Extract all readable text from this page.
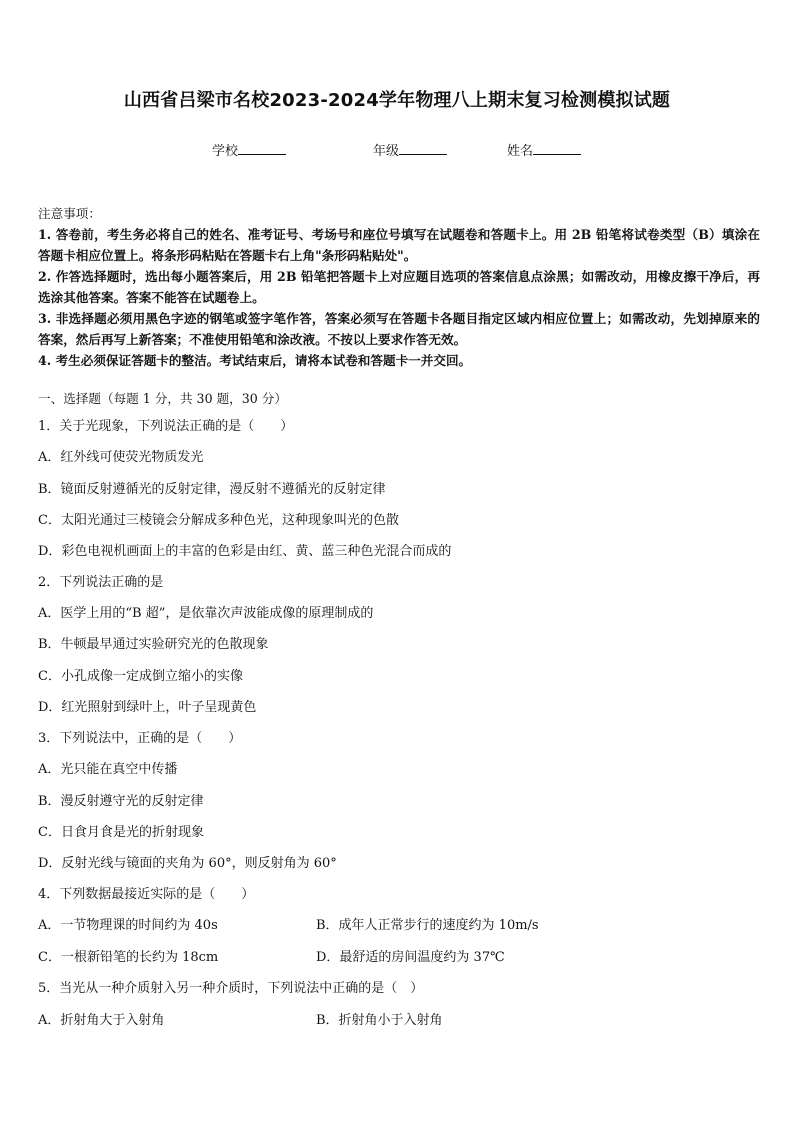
山西省吕梁市名校2023-2024学年物理八上期末复习检测模拟试题
学校	年级	姓名

注意事项：

1. 答卷前，考生务必将自己的姓名、准考证号、考场号和座位号填写在试题卷和答题卡上。用 2B 铅笔将试卷类型（B）填涂在答题卡相应位置上。将条形码粘贴在答题卡右上角"条形码粘贴处"。

2. 作答选择题时，选出每小题答案后，用 2B 铅笔把答题卡上对应题目选项的答案信息点涂黑；如需改动，用橡皮擦干净后，再选涂其他答案。答案不能答在试题卷上。

3. 非选择题必须用黑色字迹的钢笔或签字笔作答，答案必须写在答题卡各题目指定区域内相应位置上；如需改动，先划掉原来的答案，然后再写上新答案；不准使用铅笔和涂改液。不按以上要求作答无效。

4. 考生必须保证答题卡的整洁。考试结束后，请将本试卷和答题卡一并交回。

一、选择题（每题 1 分，共 30 题，30 分）
1．关于光现象，下列说法正确的是（　　）
A．红外线可使荧光物质发光
B．镜面反射遵循光的反射定律，漫反射不遵循光的反射定律
C．太阳光通过三棱镜会分解成多种色光，这种现象叫光的色散
D．彩色电视机画面上的丰富的色彩是由红、黄、蓝三种色光混合而成的
2．下列说法正确的是
A．医学上用的“B 超”，是依靠次声波能成像的原理制成的
B．牛顿最早通过实验研究光的色散现象
C．小孔成像一定成倒立缩小的实像
D．红光照射到绿叶上，叶子呈现黄色
3．下列说法中，正确的是（　　）
A．光只能在真空中传播
B．漫反射遵守光的反射定律
C．日食月食是光的折射现象
D．反射光线与镜面的夹角为 60°，则反射角为 60°
4．下列数据最接近实际的是（　　）
A．一节物理课的时间约为 40s	B．成年人正常步行的速度约为 10m/s
C．一根新铅笔的长约为 18cm	D．最舒适的房间温度约为 37℃
5．当光从一种介质射入另一种介质时，下列说法中正确的是（　）
A．折射角大于入射角	B．折射角小于入射角
